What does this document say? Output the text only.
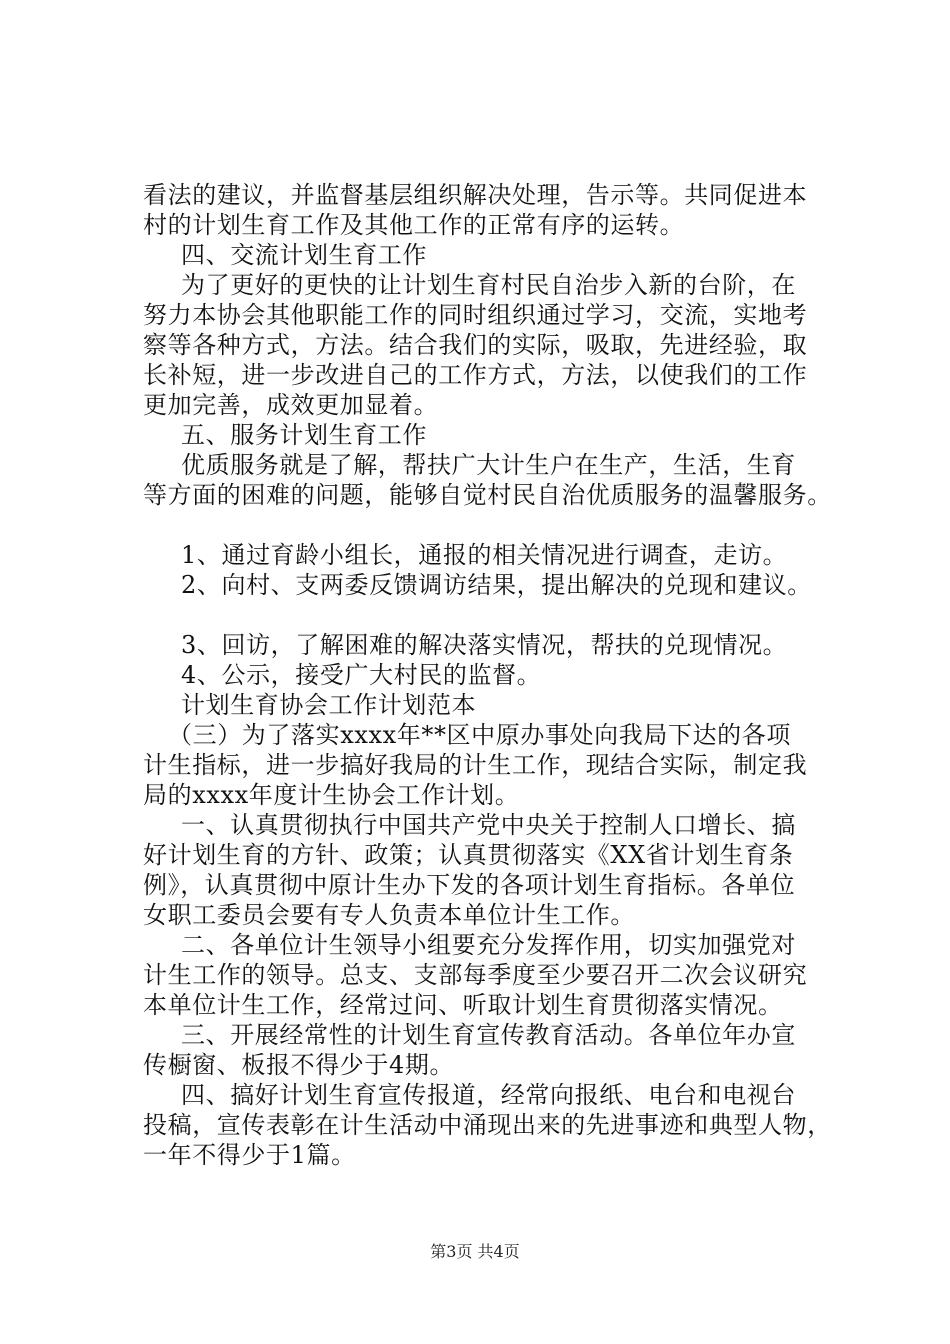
看法的建议，并监督基层组织解决处理，告示等。共同促进本
村的计划生育工作及其他工作的正常有序的运转。
四、交流计划生育工作
为了更好的更快的让计划生育村民自治步入新的台阶，在
努力本协会其他职能工作的同时组织通过学习，交流，实地考
察等各种方式，方法。结合我们的实际，吸取，先进经验，取
长补短，进一步改进自己的工作方式，方法，以使我们的工作
更加完善，成效更加显着。
五、服务计划生育工作
优质服务就是了解，帮扶广大计生户在生产，生活，生育
等方面的困难的问题，能够自觉村民自治优质服务的温馨服务。
1、通过育龄小组长，通报的相关情况进行调查，走访。
2、向村、支两委反馈调访结果，提出解决的兑现和建议。
3、回访，了解困难的解决落实情况，帮扶的兑现情况。
4、公示，接受广大村民的监督。
计划生育协会工作计划范本
（三）为了落实xxxx年**区中原办事处向我局下达的各项
计生指标，进一步搞好我局的计生工作，现结合实际，制定我
局的xxxx年度计生协会工作计划。
一、认真贯彻执行中国共产党中央关于控制人口增长、搞
好计划生育的方针、政策；认真贯彻落实《XX省计划生育条
例》，认真贯彻中原计生办下发的各项计划生育指标。各单位
女职工委员会要有专人负责本单位计生工作。
二、各单位计生领导小组要充分发挥作用，切实加强党对
计生工作的领导。总支、支部每季度至少要召开二次会议研究
本单位计生工作，经常过问、听取计划生育贯彻落实情况。
三、开展经常性的计划生育宣传教育活动。各单位年办宣
传橱窗、板报不得少于4期。
四、搞好计划生育宣传报道，经常向报纸、电台和电视台
投稿，宣传表彰在计生活动中涌现出来的先进事迹和典型人物，
一年不得少于1篇。
第3页 共4页
